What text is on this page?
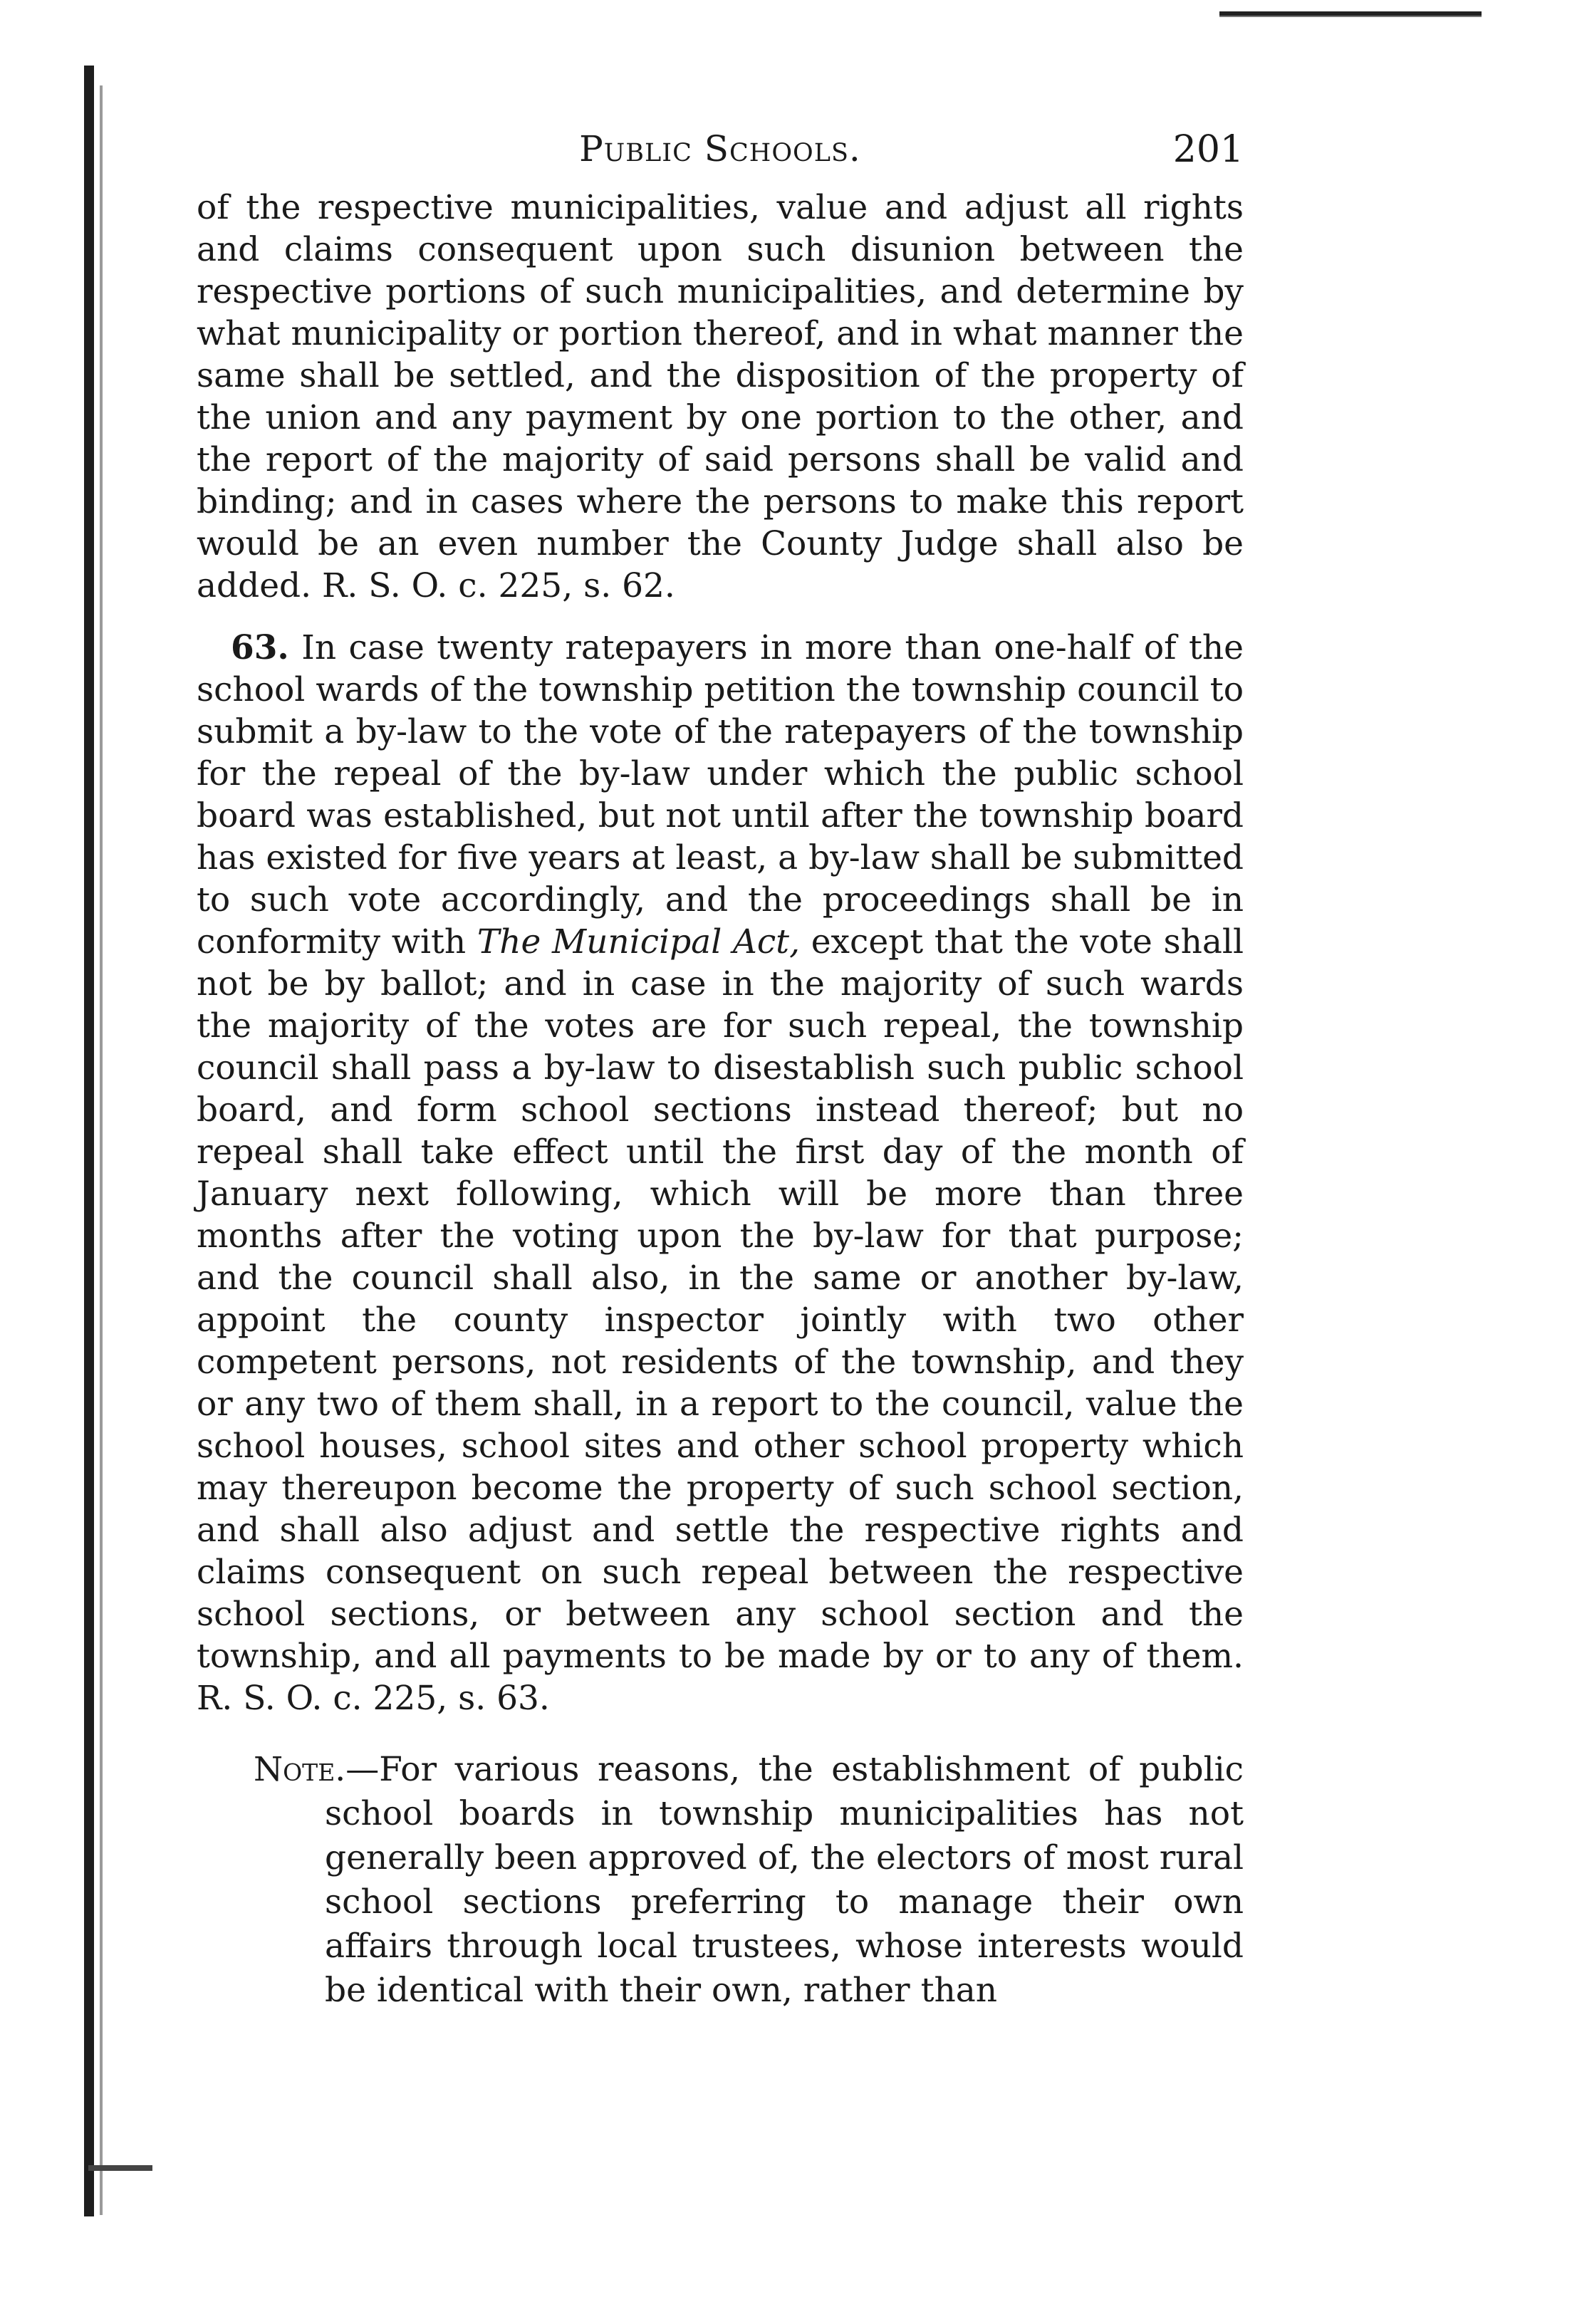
Public Schools.	201

of the respective municipalities, value and adjust all rights and claims consequent upon such disunion between the respective portions of such municipalities, and determine by what municipality or portion thereof, and in what manner the same shall be settled, and the disposition of the property of the union and any payment by one portion to the other, and the report of the majority of said persons shall be valid and binding; and in cases where the persons to make this report would be an even number the County Judge shall also be added. R. S. O. c. 225, s. 62.

63. In case twenty ratepayers in more than one-half of the school wards of the township petition the township council to submit a by-law to the vote of the ratepayers of the township for the repeal of the by-law under which the public school board was established, but not until after the township board has existed for five years at least, a by-law shall be submitted to such vote accordingly, and the proceedings shall be in conformity with The Municipal Act, except that the vote shall not be by ballot; and in case in the majority of such wards the majority of the votes are for such repeal, the township council shall pass a by-law to disestablish such public school board, and form school sections instead thereof; but no repeal shall take effect until the first day of the month of January next following, which will be more than three months after the voting upon the by-law for that purpose; and the council shall also, in the same or another by-law, appoint the county inspector jointly with two other competent persons, not residents of the township, and they or any two of them shall, in a report to the council, value the school houses, school sites and other school property which may thereupon become the property of such school section, and shall also adjust and settle the respective rights and claims consequent on such repeal between the respective school sections, or between any school section and the township, and all payments to be made by or to any of them. R. S. O. c. 225, s. 63.

Note.—For various reasons, the establishment of public school boards in township municipalities has not generally been approved of, the electors of most rural school sections preferring to manage their own affairs through local trustees, whose interests would be identical with their own, rather than
